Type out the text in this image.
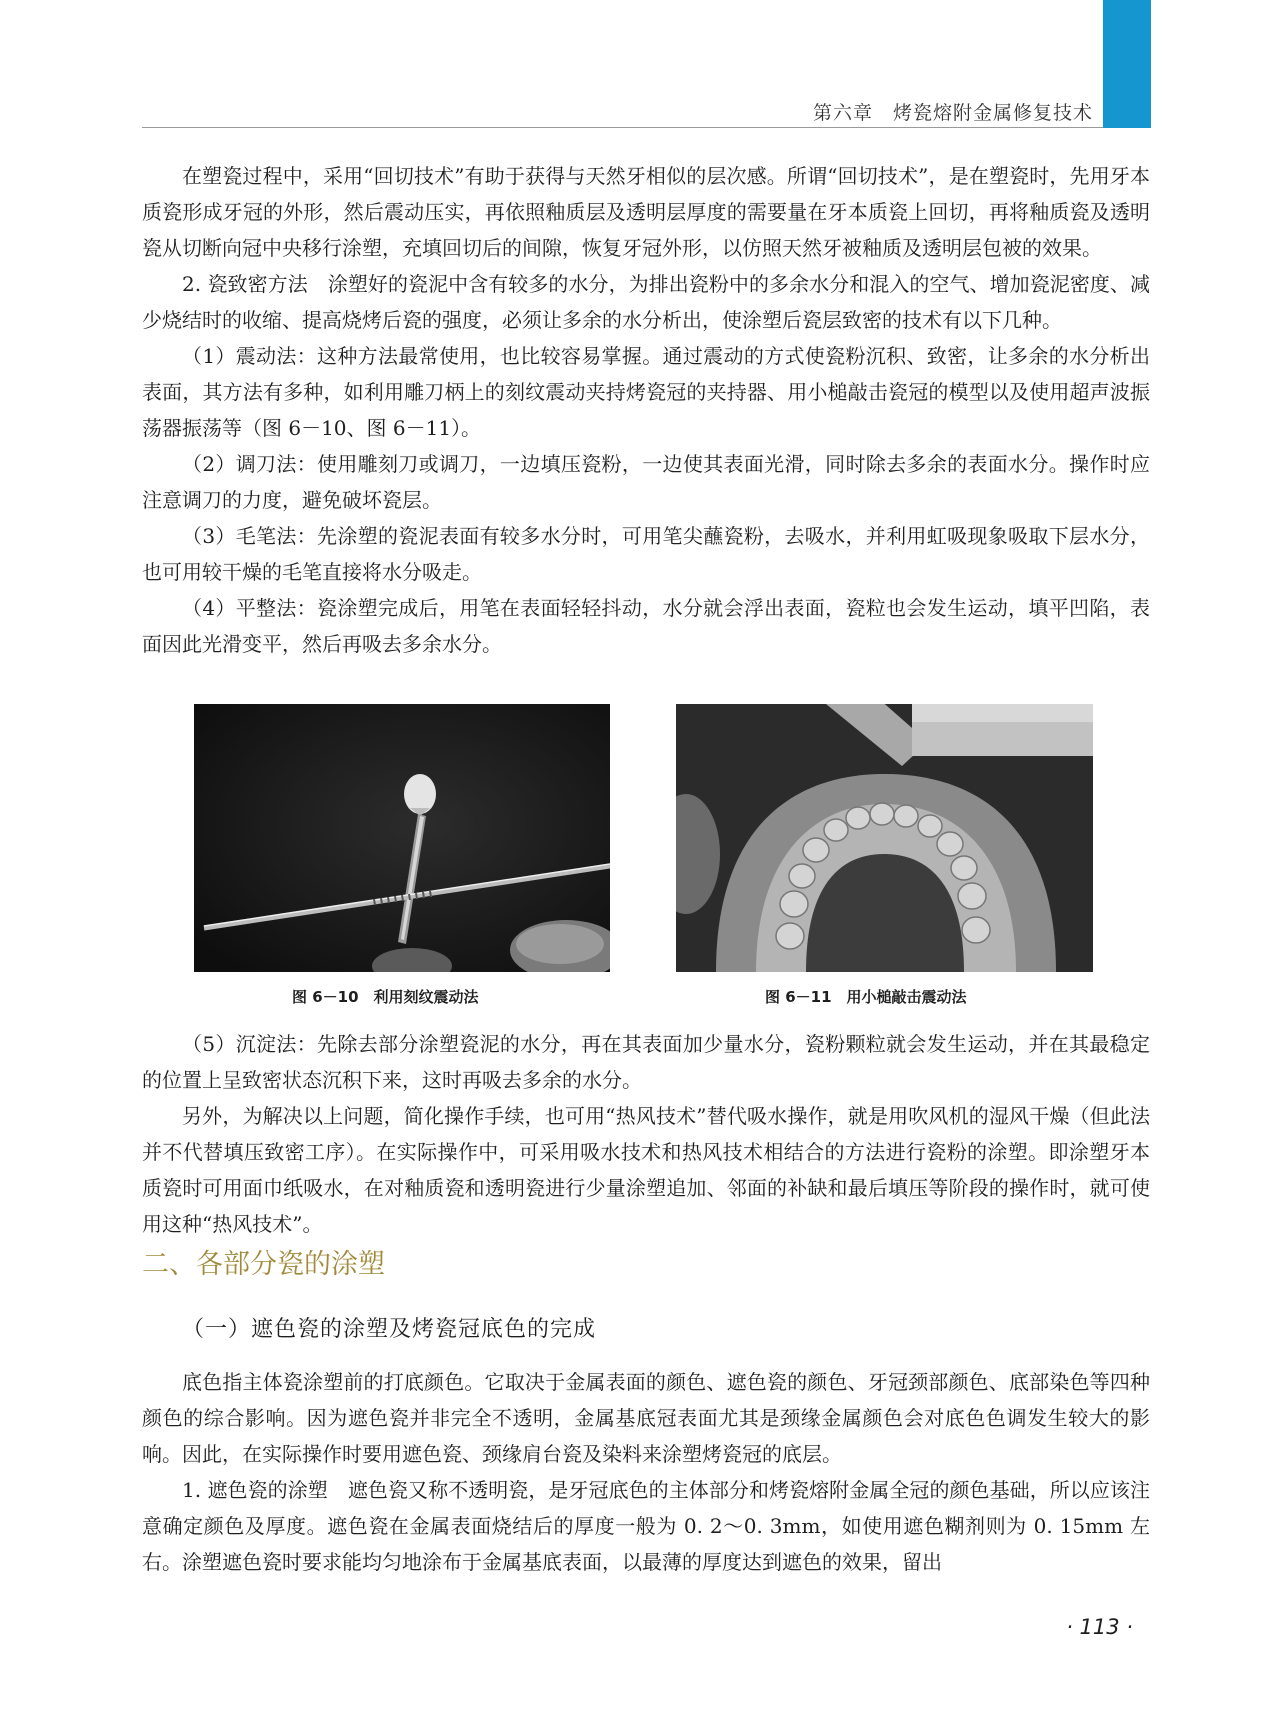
第六章　烤瓷熔附金属修复技术

在塑瓷过程中，采用“回切技术”有助于获得与天然牙相似的层次感。所谓“回切技术”，是在塑瓷时，先用牙本质瓷形成牙冠的外形，然后震动压实，再依照釉质层及透明层厚度的需要量在牙本质瓷上回切，再将釉质瓷及透明瓷从切断向冠中央移行涂塑，充填回切后的间隙，恢复牙冠外形，以仿照天然牙被釉质及透明层包被的效果。

2. 瓷致密方法　涂塑好的瓷泥中含有较多的水分，为排出瓷粉中的多余水分和混入的空气、增加瓷泥密度、减少烧结时的收缩、提高烧烤后瓷的强度，必须让多余的水分析出，使涂塑后瓷层致密的技术有以下几种。

（1）震动法：这种方法最常使用，也比较容易掌握。通过震动的方式使瓷粉沉积、致密，让多余的水分析出表面，其方法有多种，如利用雕刀柄上的刻纹震动夹持烤瓷冠的夹持器、用小槌敲击瓷冠的模型以及使用超声波振荡器振荡等（图 6－10、图 6－11）。

（2）调刀法：使用雕刻刀或调刀，一边填压瓷粉，一边使其表面光滑，同时除去多余的表面水分。操作时应注意调刀的力度，避免破坏瓷层。

（3）毛笔法：先涂塑的瓷泥表面有较多水分时，可用笔尖蘸瓷粉，去吸水，并利用虹吸现象吸取下层水分，也可用较干燥的毛笔直接将水分吸走。

（4）平整法：瓷涂塑完成后，用笔在表面轻轻抖动，水分就会浮出表面，瓷粒也会发生运动，填平凹陷，表面因此光滑变平，然后再吸去多余水分。

图 6－10　利用刻纹震动法	图 6－11　用小槌敲击震动法

（5）沉淀法：先除去部分涂塑瓷泥的水分，再在其表面加少量水分，瓷粉颗粒就会发生运动，并在其最稳定的位置上呈致密状态沉积下来，这时再吸去多余的水分。

另外，为解决以上问题，简化操作手续，也可用“热风技术”替代吸水操作，就是用吹风机的湿风干燥（但此法并不代替填压致密工序）。在实际操作中，可采用吸水技术和热风技术相结合的方法进行瓷粉的涂塑。即涂塑牙本质瓷时可用面巾纸吸水，在对釉质瓷和透明瓷进行少量涂塑追加、邻面的补缺和最后填压等阶段的操作时，就可使用这种“热风技术”。

二、各部分瓷的涂塑
（一）遮色瓷的涂塑及烤瓷冠底色的完成

底色指主体瓷涂塑前的打底颜色。它取决于金属表面的颜色、遮色瓷的颜色、牙冠颈部颜色、底部染色等四种颜色的综合影响。因为遮色瓷并非完全不透明，金属基底冠表面尤其是颈缘金属颜色会对底色色调发生较大的影响。因此，在实际操作时要用遮色瓷、颈缘肩台瓷及染料来涂塑烤瓷冠的底层。

1. 遮色瓷的涂塑　遮色瓷又称不透明瓷，是牙冠底色的主体部分和烤瓷熔附金属全冠的颜色基础，所以应该注意确定颜色及厚度。遮色瓷在金属表面烧结后的厚度一般为 0. 2～0. 3mm，如使用遮色糊剂则为 0. 15mm 左右。涂塑遮色瓷时要求能均匀地涂布于金属基底表面，以最薄的厚度达到遮色的效果，留出

· 113 ·
